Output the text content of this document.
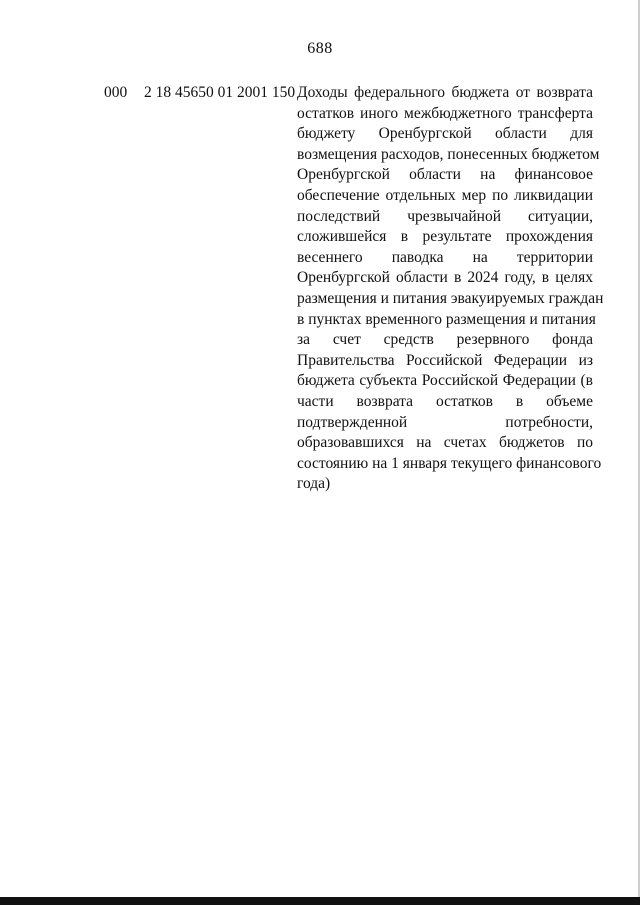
688
000 2 18 45650 01 2001 150 Доходы федерального бюджета от возврата
остатков иного межбюджетного трансферта
бюджету Оренбургской области для
возмещения расходов, понесенных бюджетом
Оренбургской области на финансовое
обеспечение отдельных мер по ликвидации
последствий чрезвычайной ситуации,
сложившейся в результате прохождения
весеннего паводка на территории
Оренбургской области в 2024 году, в целях
размещения и питания эвакуируемых граждан
в пунктах временного размещения и питания
за счет средств резервного фонда
Правительства Российской Федерации из
бюджета субъекта Российской Федерации (в
части возврата остатков в объеме
подтвержденной потребности,
образовавшихся на счетах бюджетов по
состоянию на 1 января текущего финансового
года)
